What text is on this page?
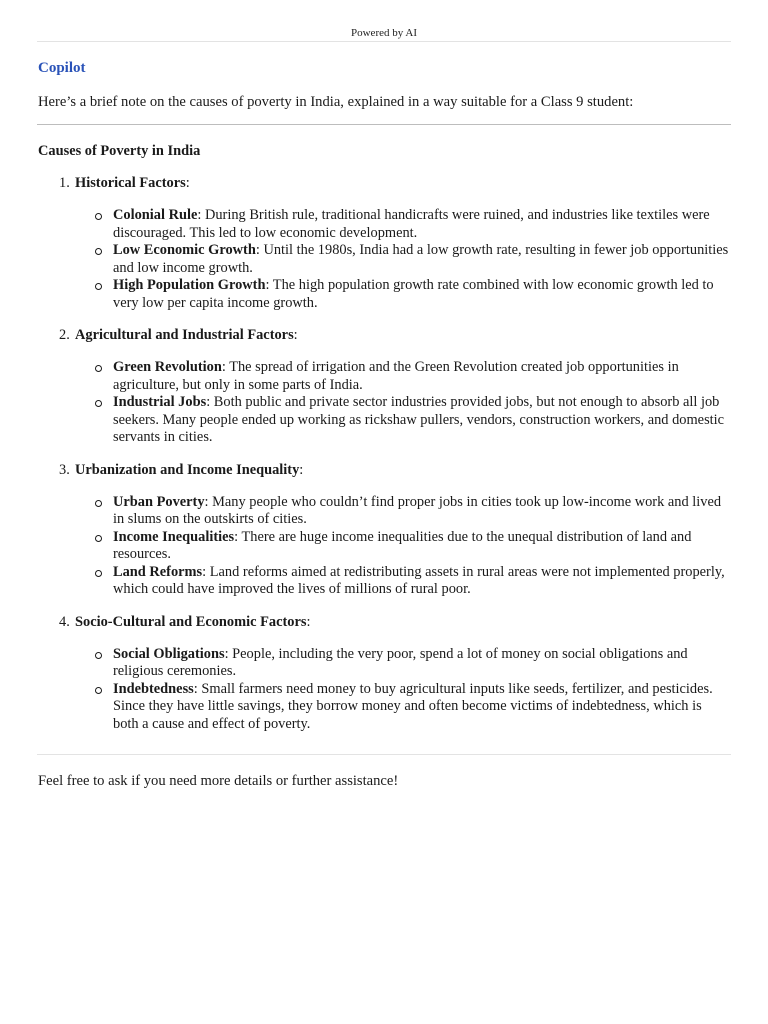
Powered by AI
Copilot
Here’s a brief note on the causes of poverty in India, explained in a way suitable for a Class 9 student:
Causes of Poverty in India
1. Historical Factors:
Colonial Rule: During British rule, traditional handicrafts were ruined, and industries like textiles were discouraged. This led to low economic development.
Low Economic Growth: Until the 1980s, India had a low growth rate, resulting in fewer job opportunities and low income growth.
High Population Growth: The high population growth rate combined with low economic growth led to very low per capita income growth.
2. Agricultural and Industrial Factors:
Green Revolution: The spread of irrigation and the Green Revolution created job opportunities in agriculture, but only in some parts of India.
Industrial Jobs: Both public and private sector industries provided jobs, but not enough to absorb all job seekers. Many people ended up working as rickshaw pullers, vendors, construction workers, and domestic servants in cities.
3. Urbanization and Income Inequality:
Urban Poverty: Many people who couldn’t find proper jobs in cities took up low-income work and lived in slums on the outskirts of cities.
Income Inequalities: There are huge income inequalities due to the unequal distribution of land and resources.
Land Reforms: Land reforms aimed at redistributing assets in rural areas were not implemented properly, which could have improved the lives of millions of rural poor.
4. Socio-Cultural and Economic Factors:
Social Obligations: People, including the very poor, spend a lot of money on social obligations and religious ceremonies.
Indebtedness: Small farmers need money to buy agricultural inputs like seeds, fertilizer, and pesticides. Since they have little savings, they borrow money and often become victims of indebtedness, which is both a cause and effect of poverty.
Feel free to ask if you need more details or further assistance!
